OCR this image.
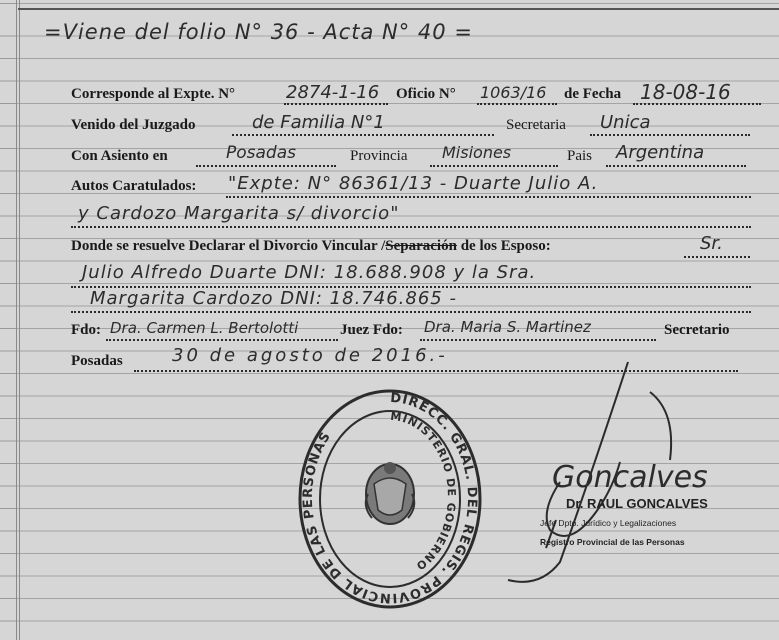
=Viene del folio N° 36 - Acta N° 40 =
Corresponde al Expte. N°	2874-1-16 Oficio N° 1063/16 de Fecha 18-08-16
Venido del Juzgado	de Familia N°1	Secretaria Unica
Con Asiento en	Posadas	Provincia Misiones	Pais Argentina
Autos Caratulados: "Expte: N° 86361/13 - Duarte Julio A.
y Cardozo Margarita s/ divorcio"
Donde se resuelve Declarar el Divorcio Vincular /Separación de los Esposo:	Sr.
Julio Alfredo Duarte DNI: 18.688.908 y la Sra.
Margarita Cardozo DNI: 18.746.865 -
Fdo: Dra. Carmen L. Bertolotti	Juez Fdo: Dra. Maria S. Martinez	Secretario
Posadas	30 de agosto de 2016.-
DIRECC. GRAL. DEL REGIS. PROVINCIAL DE LAS PERSONAS
MINISTERIO DE GOBIERNO
Goncalves
Dr. RAUL GONCALVES
Jefe Dpto. Jurídico y Legalizaciones
Registro Provincial de las Personas
